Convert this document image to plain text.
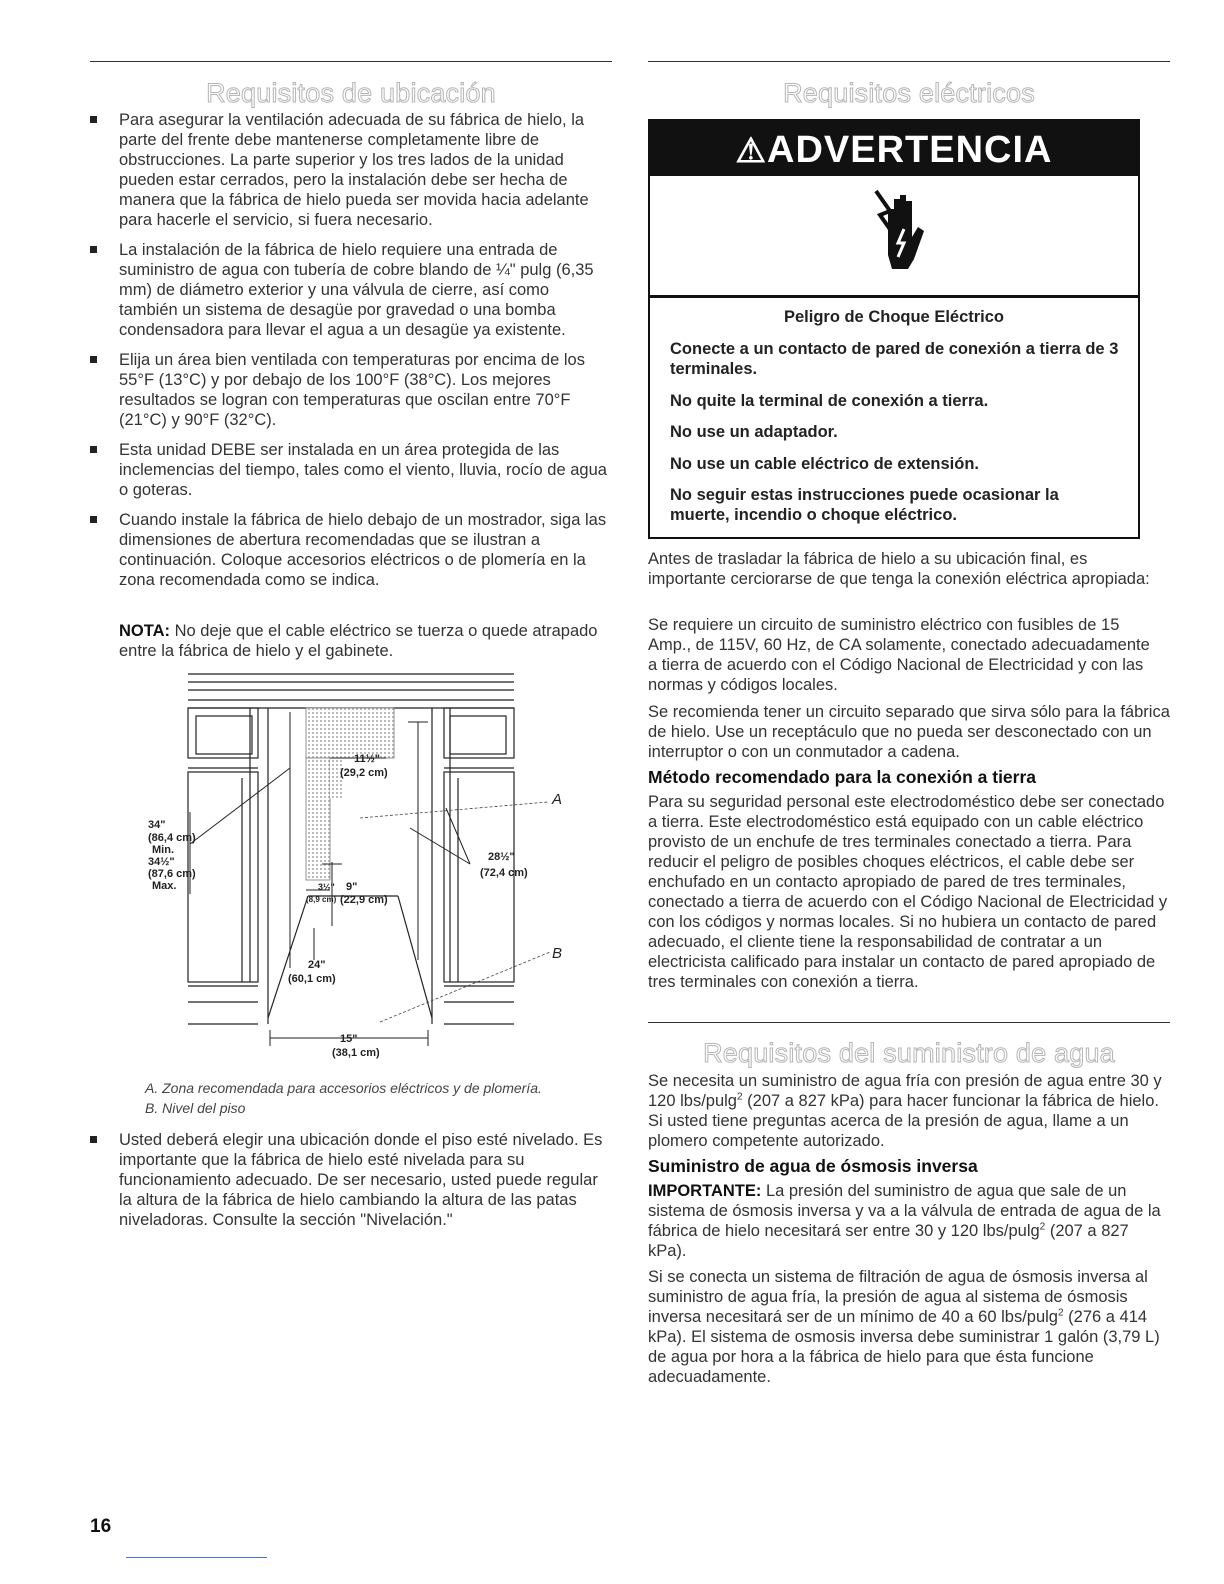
Requisitos de ubicación
Para asegurar la ventilación adecuada de su fábrica de hielo, la parte del frente debe mantenerse completamente libre de obstrucciones. La parte superior y los tres lados de la unidad pueden estar cerrados, pero la instalación debe ser hecha de manera que la fábrica de hielo pueda ser movida hacia adelante para hacerle el servicio, si fuera necesario.
La instalación de la fábrica de hielo requiere una entrada de suministro de agua con tubería de cobre blando de ¼" pulg (6,35 mm) de diámetro exterior y una válvula de cierre, así como también un sistema de desagüe por gravedad o una bomba condensadora para llevar el agua a un desagüe ya existente.
Elija un área bien ventilada con temperaturas por encima de los 55°F (13°C) y por debajo de los 100°F (38°C). Los mejores resultados se logran con temperaturas que oscilan entre 70°F (21°C) y 90°F (32°C).
Esta unidad DEBE ser instalada en un área protegida de las inclemencias del tiempo, tales como el viento, lluvia, rocío de agua o goteras.
Cuando instale la fábrica de hielo debajo de un mostrador, siga las dimensiones de abertura recomendadas que se ilustran a continuación. Coloque accesorios eléctricos o de plomería en la zona recomendada como se indica.

NOTA: No deje que el cable eléctrico se tuerza o quede atrapado entre la fábrica de hielo y el gabinete.

A
B
34"
(86,4 cm)
Min.
34½"
(87,6 cm)
Max.
11½"
(29,2 cm)
28½"
(72,4 cm)
3½"
(8,9 cm)
9"
(22,9 cm)
24"
(60,1 cm)
15"
(38,1 cm)
A. Zona recomendada para accesorios eléctricos y de plomería.
B. Nivel del piso
Usted deberá elegir una ubicación donde el piso esté nivelado. Es importante que la fábrica de hielo esté nivelada para su funcionamiento adecuado. De ser necesario, usted puede regular la altura de la fábrica de hielo cambiando la altura de las patas niveladoras. Consulte la sección "Nivelación."
Requisitos eléctricos
⚠ADVERTENCIA
Peligro de Choque Eléctrico
Conecte a un contacto de pared de conexión a tierra de 3 terminales.
No quite la terminal de conexión a tierra.
No use un adaptador.
No use un cable eléctrico de extensión.
No seguir estas instrucciones puede ocasionar la muerte, incendio o choque eléctrico.

Antes de trasladar la fábrica de hielo a su ubicación final, es importante cerciorarse de que tenga la conexión eléctrica apropiada:

Se requiere un circuito de suministro eléctrico con fusibles de 15 Amp., de 115V, 60 Hz, de CA solamente, conectado adecuadamente a tierra de acuerdo con el Código Nacional de Electricidad y con las normas y códigos locales.

Se recomienda tener un circuito separado que sirva sólo para la fábrica de hielo. Use un receptáculo que no pueda ser desconectado con un interruptor o con un conmutador a cadena.

Método recomendado para la conexión a tierra

Para su seguridad personal este electrodoméstico debe ser conectado a tierra. Este electrodoméstico está equipado con un cable eléctrico provisto de un enchufe de tres terminales conectado a tierra. Para reducir el peligro de posibles choques eléctricos, el cable debe ser enchufado en un contacto apropiado de pared de tres terminales, conectado a tierra de acuerdo con el Código Nacional de Electricidad y con los códigos y normas locales. Si no hubiera un contacto de pared adecuado, el cliente tiene la responsabilidad de contratar a un electricista calificado para instalar un contacto de pared apropiado de tres terminales con conexión a tierra.

Requisitos del suministro de agua

Se necesita un suministro de agua fría con presión de agua entre 30 y 120 lbs/pulg$^2$ (207 a 827 kPa) para hacer funcionar la fábrica de hielo. Si usted tiene preguntas acerca de la presión de agua, llame a un plomero competente autorizado.

Suministro de agua de ósmosis inversa

IMPORTANTE: La presión del suministro de agua que sale de un sistema de ósmosis inversa y va a la válvula de entrada de agua de la fábrica de hielo necesitará ser entre 30 y 120 lbs/pulg$^2$ (207 a 827 kPa).

Si se conecta un sistema de filtración de agua de ósmosis inversa al suministro de agua fría, la presión de agua al sistema de ósmosis inversa necesitará ser de un mínimo de 40 a 60 lbs/pulg$^2$ (276 a 414 kPa). El sistema de osmosis inversa debe suministrar 1 galón (3,79 L) de agua por hora a la fábrica de hielo para que ésta funcione adecuadamente.

16
